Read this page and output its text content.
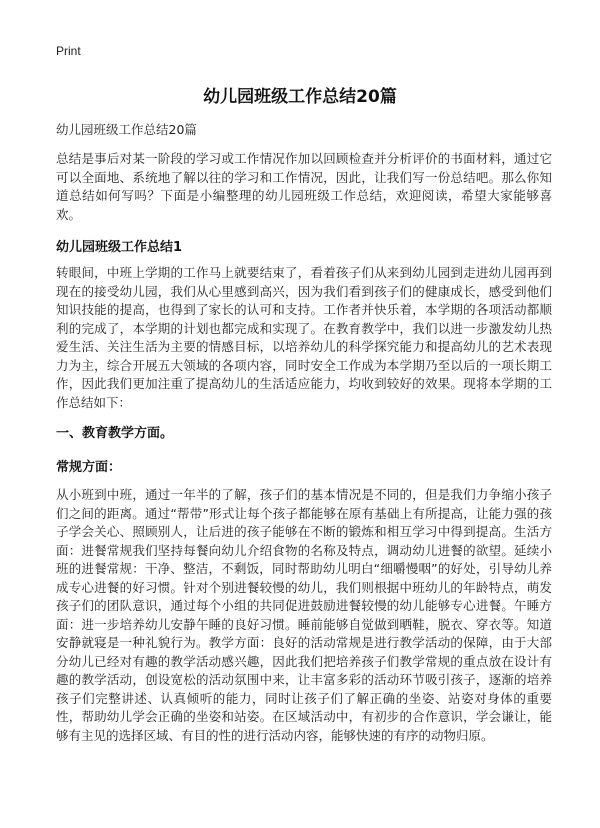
Print

幼儿园班级工作总结20篇

幼儿园班级工作总结20篇

总结是事后对某一阶段的学习或工作情况作加以回顾检查并分析评价的书面材料，通过它可以全面地、系统地了解以往的学习和工作情况，因此，让我们写一份总结吧。那么你知道总结如何写吗？下面是小编整理的幼儿园班级工作总结，欢迎阅读，希望大家能够喜欢。

幼儿园班级工作总结1

转眼间，中班上学期的工作马上就要结束了，看着孩子们从来到幼儿园到走进幼儿园再到现在的接受幼儿园，我们从心里感到高兴，因为我们看到孩子们的健康成长，感受到他们知识技能的提高，也得到了家长的认可和支持。工作者并快乐着，本学期的各项活动都顺利的完成了，本学期的计划也都完成和实现了。在教育教学中，我们以进一步激发幼儿热爱生活、关注生活为主要的情感目标，以培养幼儿的科学探究能力和提高幼儿的艺术表现力为主，综合开展五大领域的各项内容，同时安全工作成为本学期乃至以后的一项长期工作，因此我们更加注重了提高幼儿的生活适应能力，均收到较好的效果。现将本学期的工作总结如下：

一、教育教学方面。
常规方面：

从小班到中班，通过一年半的了解，孩子们的基本情况是不同的，但是我们力争缩小孩子们之间的距离。通过“帮带”形式让每个孩子都能够在原有基础上有所提高，让能力强的孩子学会关心、照顾别人，让后进的孩子能够在不断的锻炼和相互学习中得到提高。生活方面：进餐常规我们坚持每餐向幼儿介绍食物的名称及特点，调动幼儿进餐的欲望。延续小班的进餐常规：干净、整洁，不剩饭，同时帮助幼儿明白“细嚼慢咽”的好处，引导幼儿养成专心进餐的好习惯。针对个别进餐较慢的幼儿，我们则根据中班幼儿的年龄特点，萌发孩子们的团队意识，通过每个小组的共同促进鼓励进餐较慢的幼儿能够专心进餐。午睡方面：进一步培养幼儿安静午睡的良好习惯。睡前能够自觉做到晒鞋，脱衣、穿衣等。知道安静就寝是一种礼貌行为。教学方面：良好的活动常规是进行教学活动的保障，由于大部分幼儿已经对有趣的教学活动感兴趣，因此我们把培养孩子们教学常规的重点放在设计有趣的教学活动，创设宽松的活动氛围中来，让丰富多彩的活动环节吸引孩子，逐渐的培养孩子们完整讲述、认真倾听的能力，同时让孩子们了解正确的坐姿、站姿对身体的重要性，帮助幼儿学会正确的坐姿和站姿。在区域活动中，有初步的合作意识，学会谦让，能够有主见的选择区域、有目的性的进行活动内容，能够快速的有序的动物归原。
